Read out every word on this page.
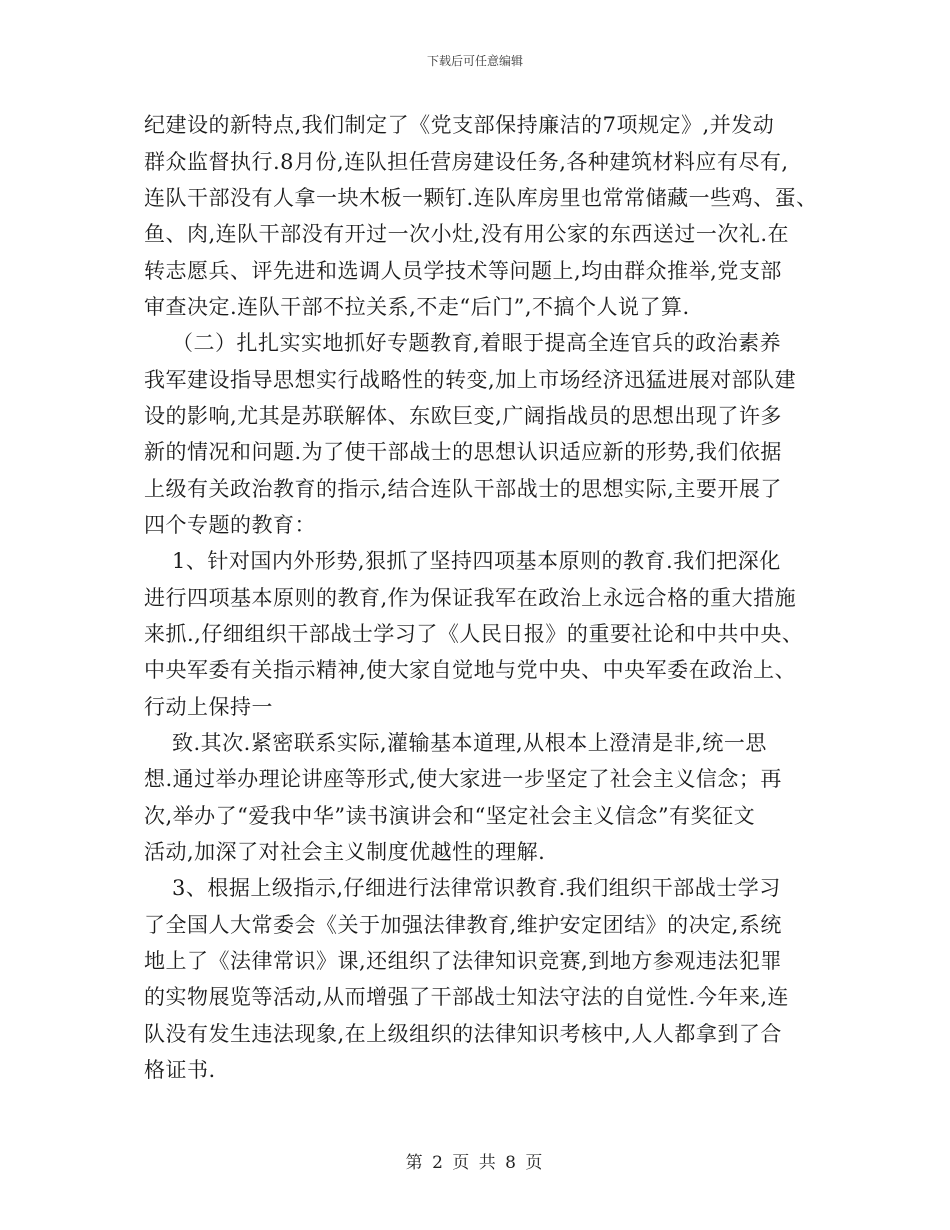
下载后可任意编辑
纪建设的新特点,我们制定了《党支部保持廉洁的7项规定》,并发动
群众监督执行.8月份,连队担任营房建设任务,各种建筑材料应有尽有,
连队干部没有人拿一块木板一颗钉.连队库房里也常常储藏一些鸡、蛋、
鱼、肉,连队干部没有开过一次小灶,没有用公家的东西送过一次礼.在
转志愿兵、评先进和选调人员学技术等问题上,均由群众推举,党支部
审查决定.连队干部不拉关系,不走“后门”,不搞个人说了算.
（二）扎扎实实地抓好专题教育,着眼于提高全连官兵的政治素养
我军建设指导思想实行战略性的转变,加上市场经济迅猛进展对部队建
设的影响,尤其是苏联解体、东欧巨变,广阔指战员的思想出现了许多
新的情况和问题.为了使干部战士的思想认识适应新的形势,我们依据
上级有关政治教育的指示,结合连队干部战士的思想实际,主要开展了
四个专题的教育：
1、针对国内外形势,狠抓了坚持四项基本原则的教育.我们把深化
进行四项基本原则的教育,作为保证我军在政治上永远合格的重大措施
来抓.,仔细组织干部战士学习了《人民日报》的重要社论和中共中央、
中央军委有关指示精神,使大家自觉地与党中央、中央军委在政治上、
行动上保持一
致.其次.紧密联系实际,灌输基本道理,从根本上澄清是非,统一思
想.通过举办理论讲座等形式,使大家进一步坚定了社会主义信念；再
次,举办了“爱我中华”读书演讲会和“坚定社会主义信念”有奖征文
活动,加深了对社会主义制度优越性的理解.
3、根据上级指示,仔细进行法律常识教育.我们组织干部战士学习
了全国人大常委会《关于加强法律教育,维护安定团结》的决定,系统
地上了《法律常识》课,还组织了法律知识竞赛,到地方参观违法犯罪
的实物展览等活动,从而增强了干部战士知法守法的自觉性.今年来,连
队没有发生违法现象,在上级组织的法律知识考核中,人人都拿到了合
格证书.
第 2 页 共 8 页
